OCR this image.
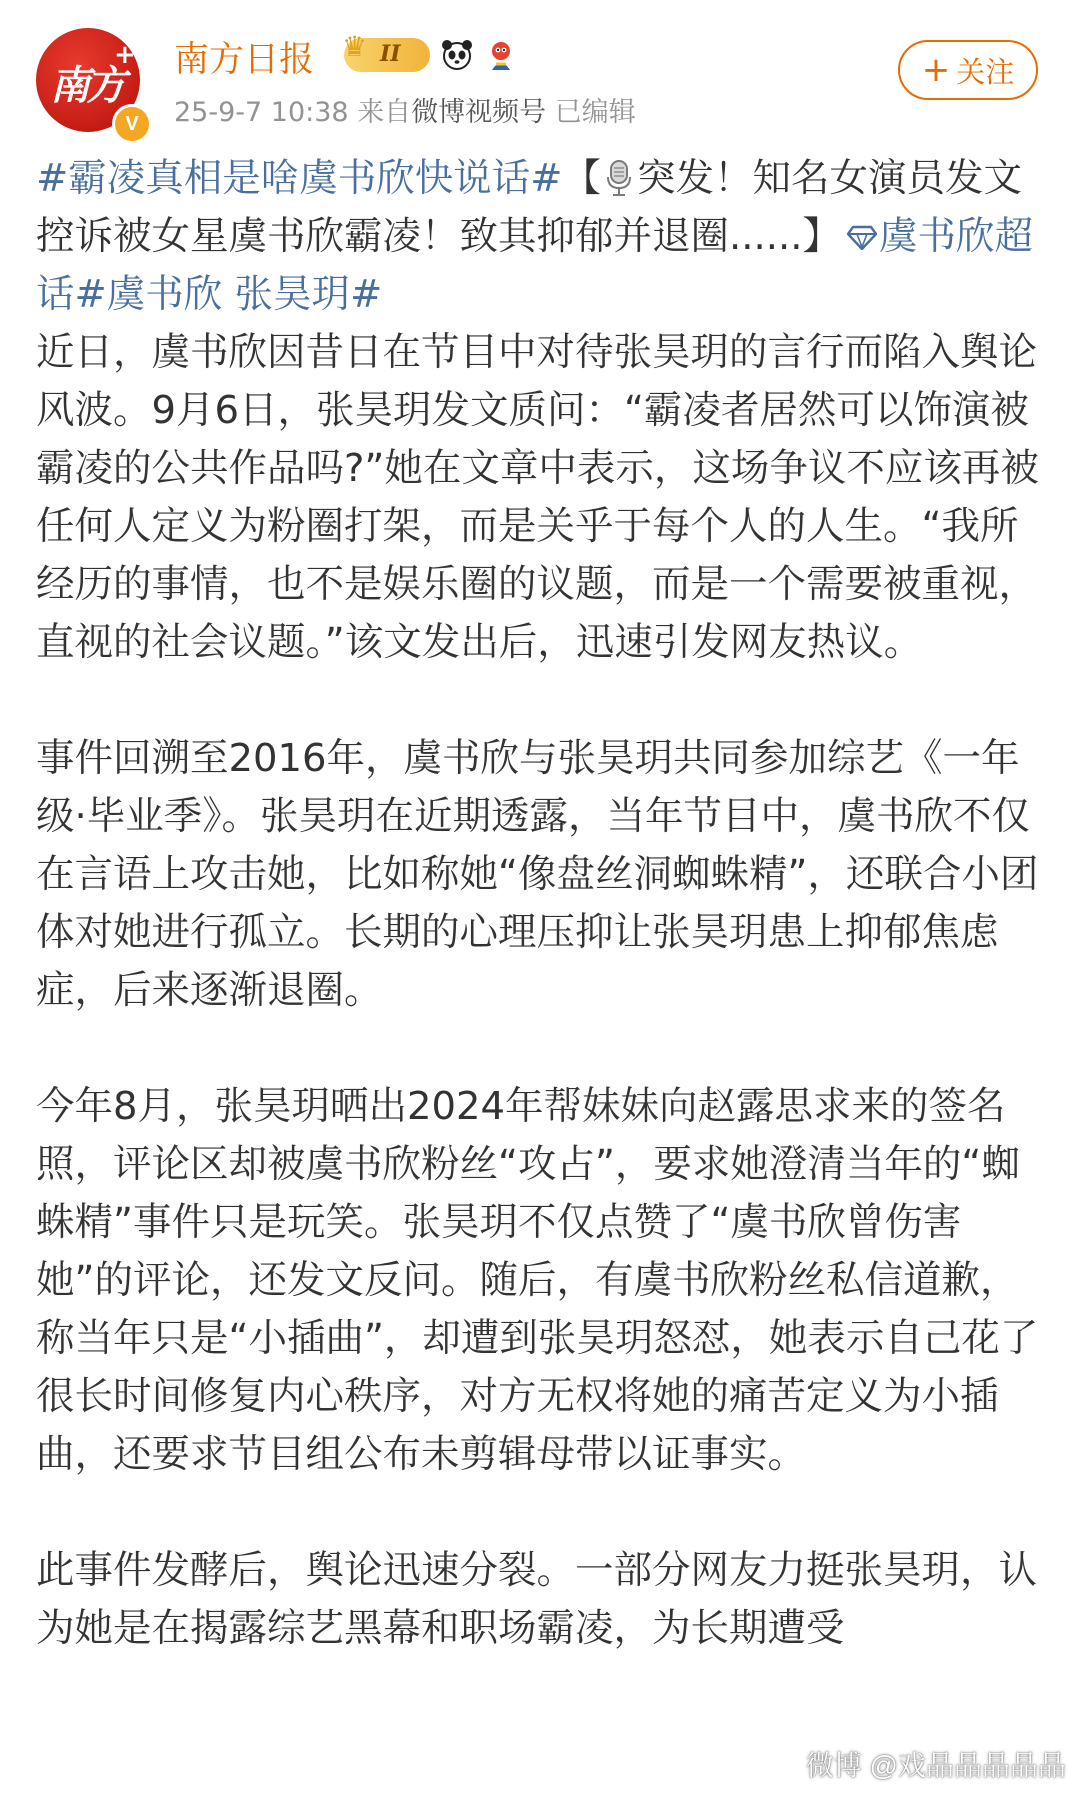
南方
+
V
南方日报 ♛ II
25-9-7 10:38 来自微博视频号 已编辑
+ 关注

#霸凌真相是啥虞书欣快说话#【 突发！知名女演员发文控诉被女星虞书欣霸凌！致其抑郁并退圈......】 虞书欣超话#虞书欣 张昊玥#

近日，虞书欣因昔日在节目中对待张昊玥的言行而陷入舆论风波。9月6日，张昊玥发文质问：“霸凌者居然可以饰演被霸凌的公共作品吗?”她在文章中表示，这场争议不应该再被任何人定义为粉圈打架，而是关乎于每个人的人生。“我所经历的事情，也不是娱乐圈的议题，而是一个需要被重视，直视的社会议题。”该文发出后，迅速引发网友热议。

事件回溯至2016年，虞书欣与张昊玥共同参加综艺《一年级·毕业季》。张昊玥在近期透露，当年节目中，虞书欣不仅在言语上攻击她，比如称她“像盘丝洞蜘蛛精”，还联合小团体对她进行孤立。长期的心理压抑让张昊玥患上抑郁焦虑症，后来逐渐退圈。

今年8月，张昊玥晒出2024年帮妹妹向赵露思求来的签名照，评论区却被虞书欣粉丝“攻占”，要求她澄清当年的“蜘蛛精”事件只是玩笑。张昊玥不仅点赞了“虞书欣曾伤害她”的评论，还发文反问。随后，有虞书欣粉丝私信道歉，称当年只是“小插曲”，却遭到张昊玥怒怼，她表示自己花了很长时间修复内心秩序，对方无权将她的痛苦定义为小插曲，还要求节目组公布未剪辑母带以证事实。

此事件发酵后，舆论迅速分裂。一部分网友力挺张昊玥，认为她是在揭露综艺黑幕和职场霸凌，为长期遭受

微博 @戏晶晶晶晶晶
